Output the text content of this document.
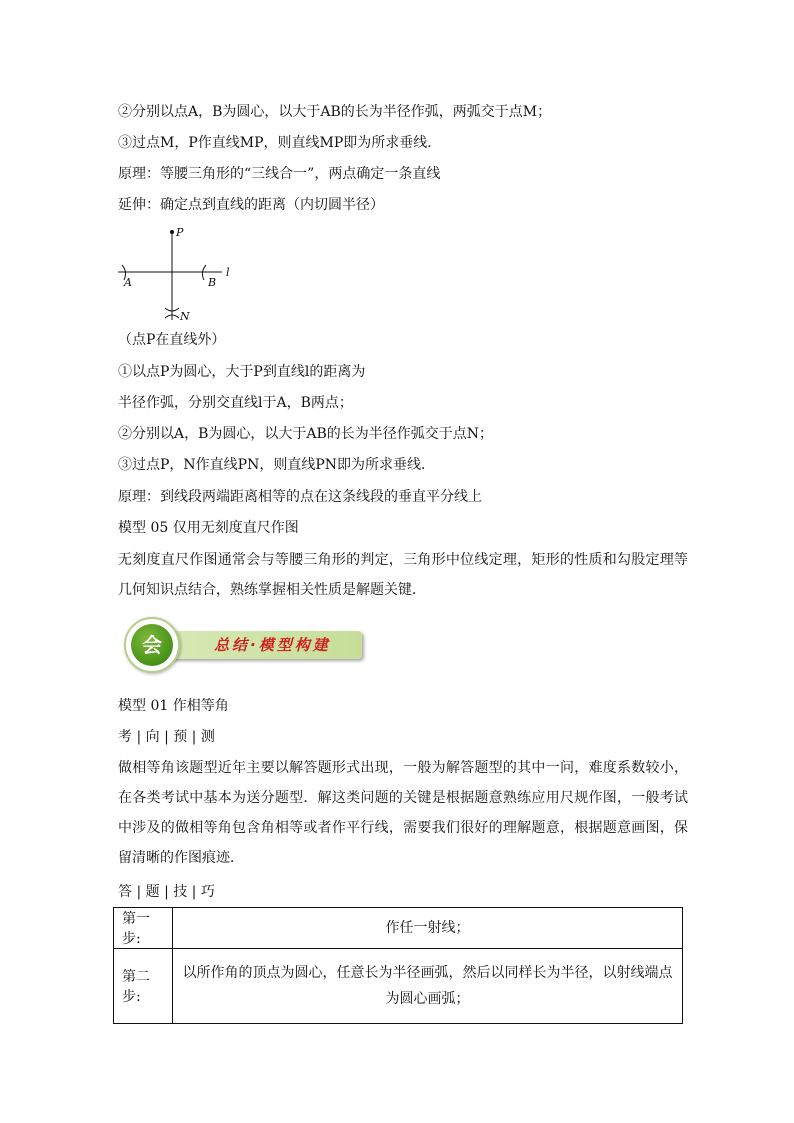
②分别以点A，B为圆心，以大于AB的长为半径作弧，两弧交于点M；
③过点M，P作直线MP，则直线MP即为所求垂线．
原理：等腰三角形的“三线合一”，两点确定一条直线
延伸：确定点到直线的距离（内切圆半径）
P
l
A	B
N
（点P在直线外）
①以点P为圆心，大于P到直线l的距离为
半径作弧，分别交直线l于A，B两点；
②分别以A，B为圆心，以大于AB的长为半径作弧交于点N；
③过点P，N作直线PN，则直线PN即为所求垂线．
原理：到线段两端距离相等的点在这条线段的垂直平分线上
模型 05 仅用无刻度直尺作图
无刻度直尺作图通常会与等腰三角形的判定，三角形中位线定理，矩形的性质和勾股定理等几何知识点结合，熟练掌握相关性质是解题关键．
总结·模型构建
会
模型 01 作相等角
考 | 向 | 预 | 测
做相等角该题型近年主要以解答题形式出现，一般为解答题型的其中一问，难度系数较小，在各类考试中基本为送分题型．解这类问题的关键是根据题意熟练应用尺规作图，一般考试中涉及的做相等角包含角相等或者作平行线，需要我们很好的理解题意，根据题意画图，保留清晰的作图痕迹．
答 | 题 | 技 | 巧
第一步:	作任一射线；
第二步:	以所作角的顶点为圆心，任意长为半径画弧，然后以同样长为半径，以射线端点为圆心画弧；
